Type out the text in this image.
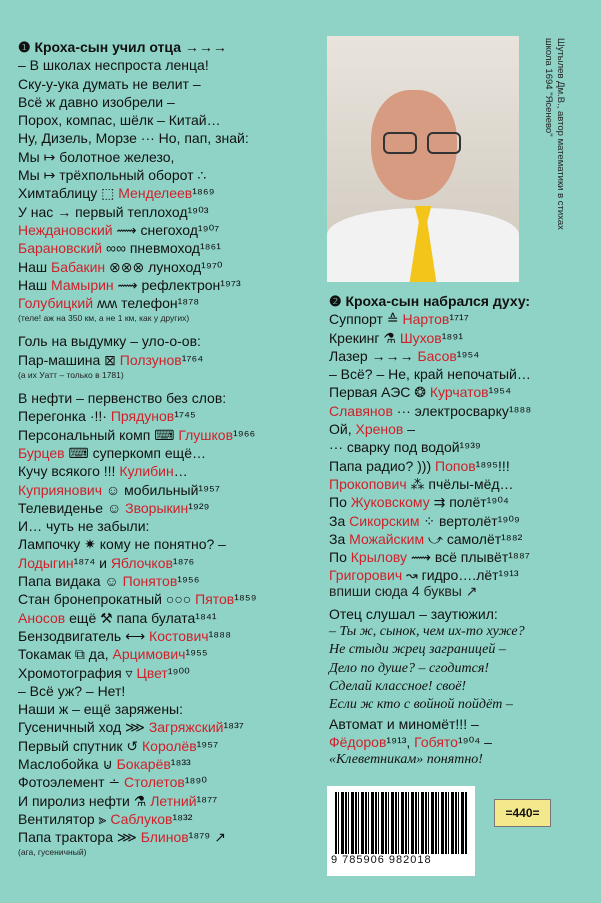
❶ Кроха-сын учил отца →→→
– В школах неспроста ленца!
Ску-у-ука думать не велит –
Всё ж давно изобрели –
Порох, компас, шёлк – Китай…
Ну, Дизель, Морзе ··· Но, пап, знай:
Мы ↦ болотное железо,
Мы ↦ трёхпольный оборот ∴
Химтаблицу ⬚ Менделеев¹⁸⁶⁹
У нас → первый теплоход¹⁹⁰³
Неждановский ⟿ снегоход¹⁹⁰⁷
Барановский ∞∞ пневмоход¹⁸⁶¹
Наш Бабакин ⊗⊗⊗ луноход¹⁹⁷⁰
Наш Мамырин ⟿ рефлектрон¹⁹⁷³
Голубицкий ʍʍ телефон¹⁸⁷⁸
(теле! аж на 350 км, а не 1 км, как у других)
Голь на выдумку – уло-о-ов:
Пар-машина ⊠ Ползунов¹⁷⁶⁴
(а их Уатт – только в 1781)
В нефти – первенство без слов:
Перегонка ·!!· Прядунов¹⁷⁴⁵
Персональный комп ⌨ Глушков¹⁹⁶⁶
Бурцев ⌨ суперкомп ещё…
Кучу всякого !!! Кулибин…
Куприянович ☺ мобильный¹⁹⁵⁷
Телевиденье ☺ Зворыкин¹⁹²⁹
И… чуть не забыли:
Лампочку ✷ кому не понятно? –
Лодыгин¹⁸⁷⁴ и Яблочков¹⁸⁷⁶
Папа видака ☺ Понятов¹⁹⁵⁶
Стан бронепрокатный ○○○ Пятов¹⁸⁵⁹
Аносов ещё ⚒ папа булата¹⁸⁴¹
Бензодвигатель ⟷ Костович¹⁸⁸⁸
Токамак ⧉ да, Арцимович¹⁹⁵⁵
Хромотография ▿ Цвет¹⁹⁰⁰
– Всё уж? – Нет!
Наши ж – ещё заряжены:
Гусеничный ход ⋙ Загряжский¹⁸³⁷
Первый спутник ↺ Королёв¹⁹⁵⁷
Маслобойка ⊍ Бокарёв¹⁸³³
Фотоэлемент ∸ Столетов¹⁸⁹⁰
И пиролиз нефти ⚗ Летний¹⁸⁷⁷
Вентилятор ⫸ Саблуков¹⁸³²
Папа трактора ⋙ Блинов¹⁸⁷⁹ ↗
(ага, гусеничный)
Шутылев Дм.В., автор математики в стихах
школа 1694 "Ясенево"
❷ Кроха-сын набрался духу:
Суппорт ≙ Нартов¹⁷¹⁷
Крекинг ⚗ Шухов¹⁸⁹¹
Лазер →→→ Басов¹⁹⁵⁴
– Всё? – Не, край непочатый…
Первая АЭС ❂ Курчатов¹⁹⁵⁴
Славянов ··· электросварку¹⁸⁸⁸
Ой, Хренов –
··· сварку под водой¹⁹³⁹
Папа радио? ))) Попов¹⁸⁹⁵!!!
Прокопович ⁂ пчёлы-мёд…
По Жуковскому ⇉ полёт¹⁹⁰⁴
За Сикорским ⁘ вертолёт¹⁹⁰⁹
За Можайским ⤻ самолёт¹⁸⁸²
По Крылову ⟿ всё плывёт¹⁸⁸⁷
Григорович ↝ гидро….лёт¹⁹¹³
впиши сюда 4 буквы ↗
Отец слушал – заутюжил:
– Ты ж, сынок, чем их-то хуже?
Не стыди жрец заграницей –
Дело по душе? – сгодится!
Сделай классное! своё!
Если ж кто с войной пойдёт –
Автомат и миномёт!!! –
Фёдоров¹⁹¹³, Гобято¹⁹⁰⁴ –
«Клеветникам» понятно!
9 785906 982018
=440=
